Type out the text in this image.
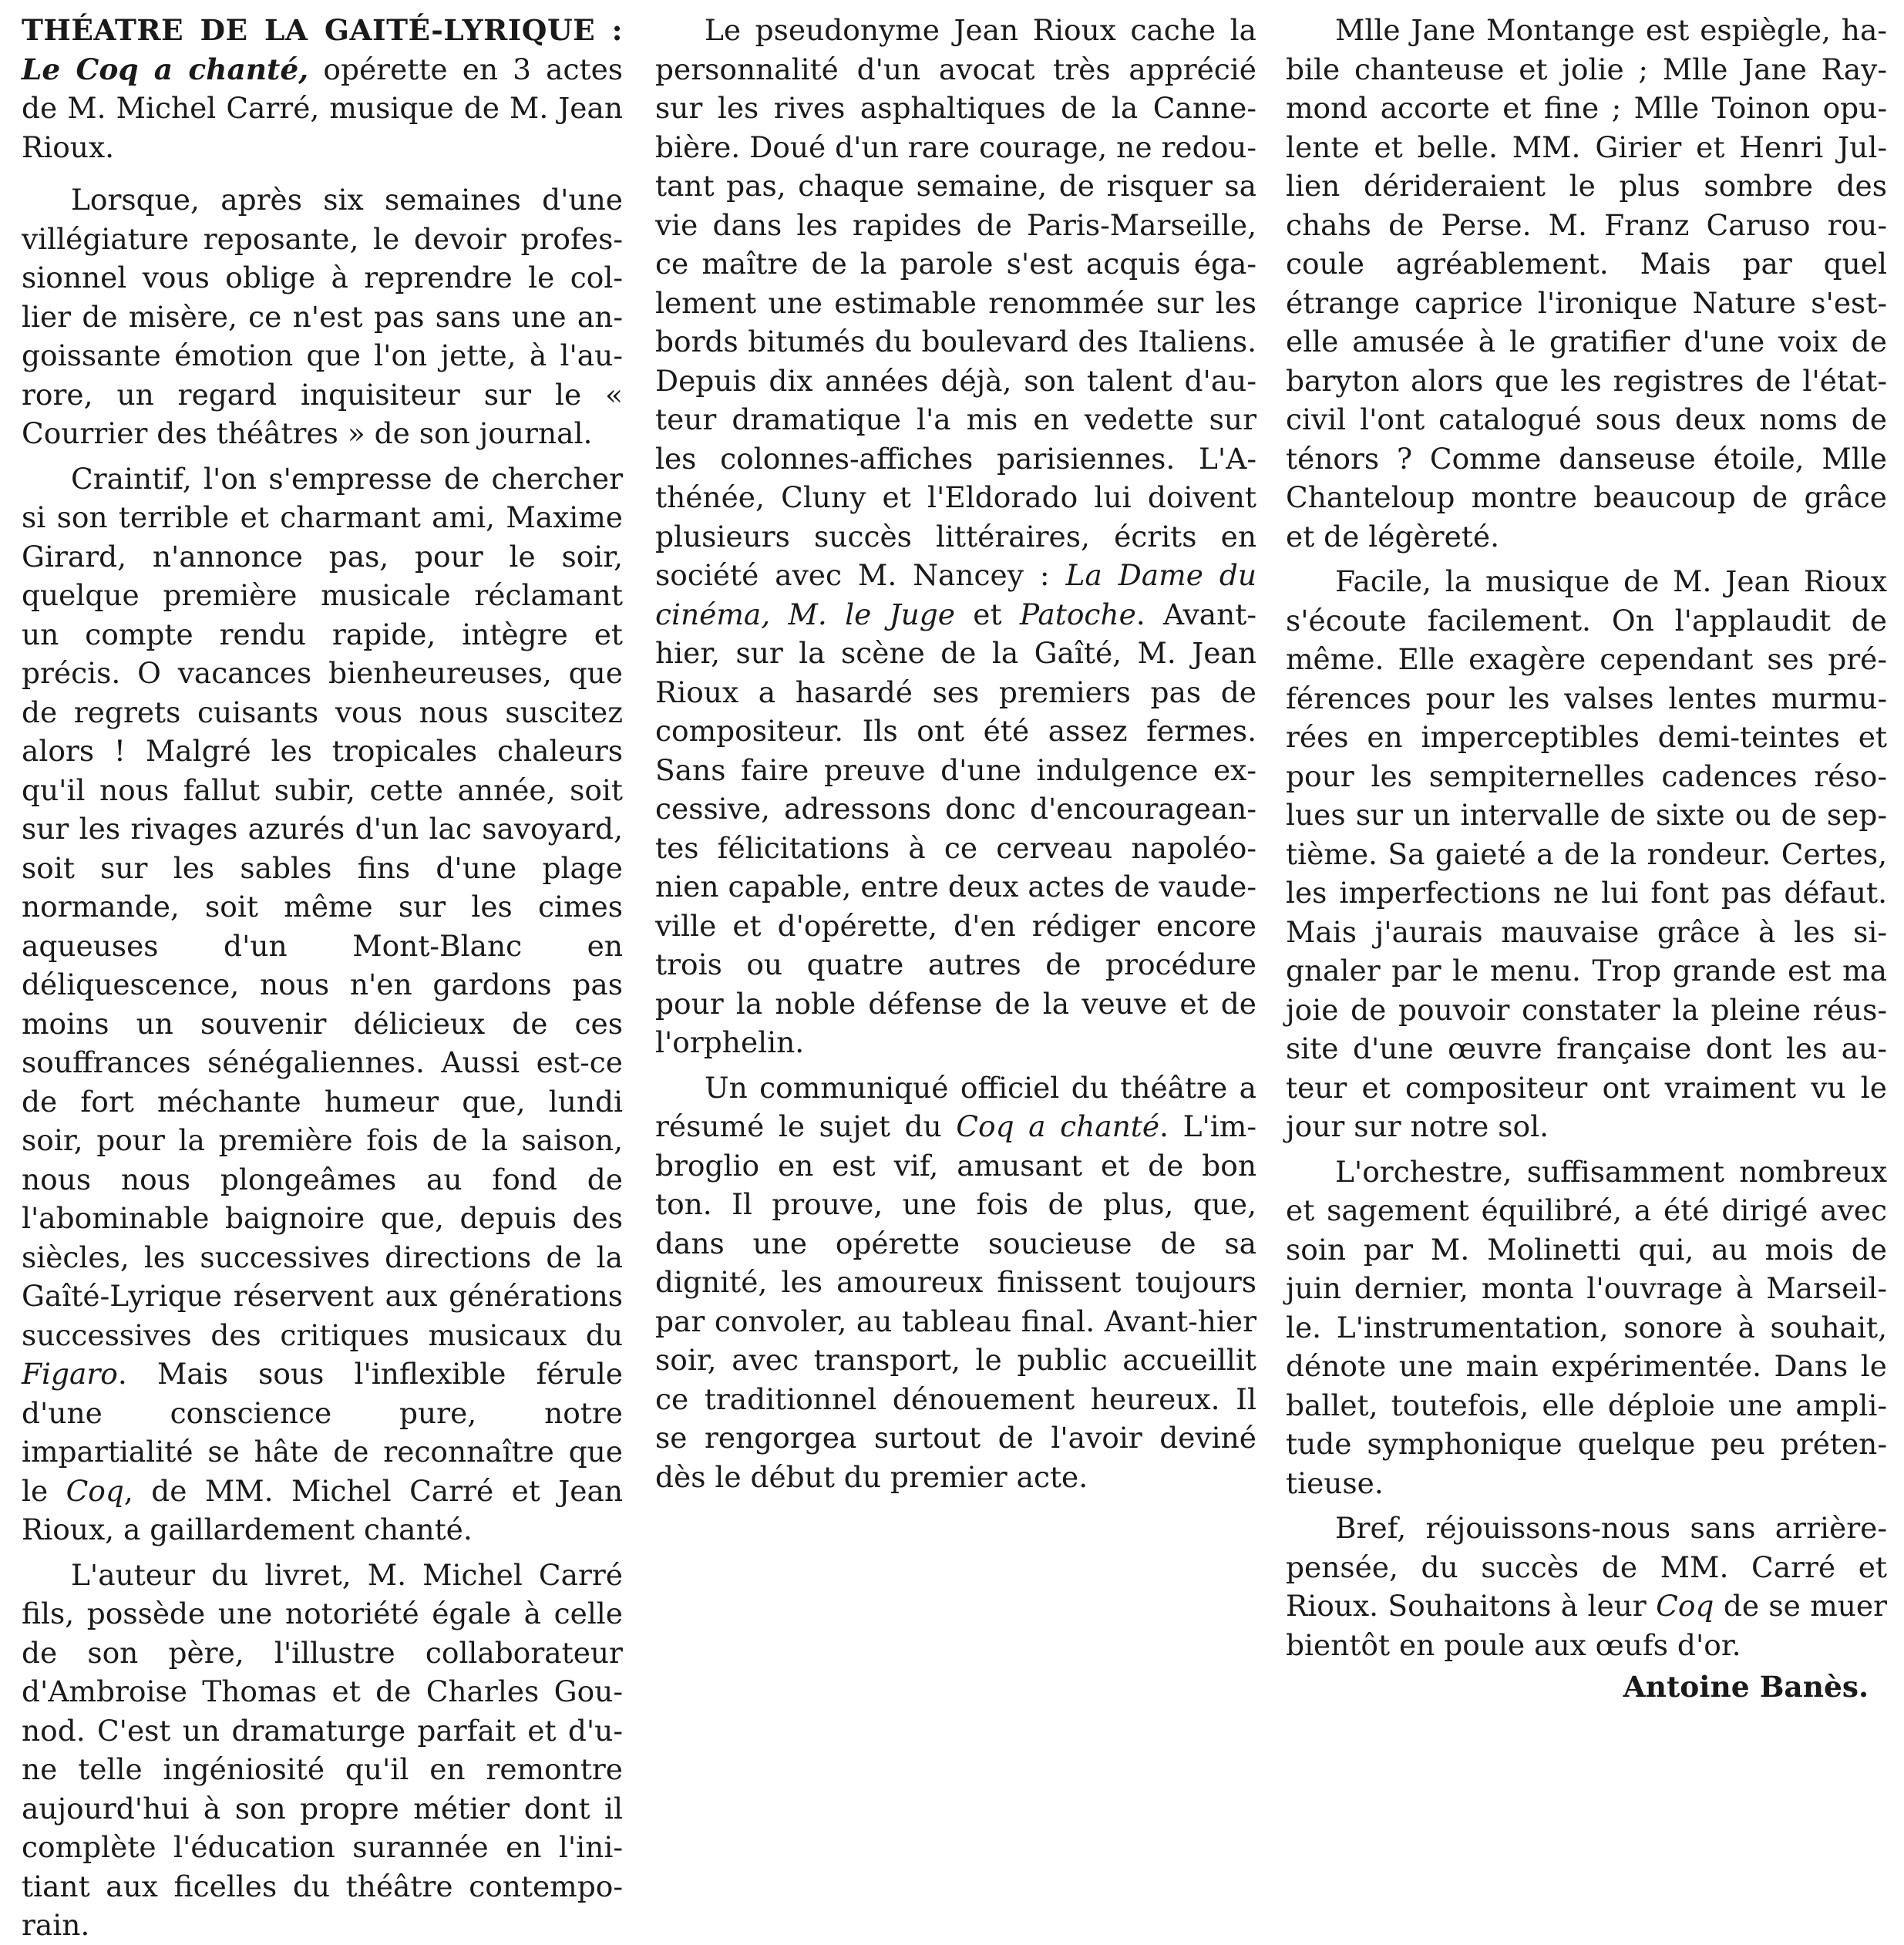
THÉATRE DE LA GAITÉ-LYRIQUE : Le Coq a chanté, opérette en 3 actes de M. Michel Carré, musique de M. Jean Rioux.

Lorsque, après six semaines d'une villégiature reposante, le devoir professionnel vous oblige à reprendre le collier de misère, ce n'est pas sans une angoissante émotion que l'on jette, à l'aurore, un regard inquisiteur sur le « Courrier des théâtres » de son journal.

Craintif, l'on s'empresse de chercher si son terrible et charmant ami, Maxime Girard, n'annonce pas, pour le soir, quelque première musicale réclamant un compte rendu rapide, intègre et précis. O vacances bienheureuses, que de regrets cuisants vous nous suscitez alors ! Malgré les tropicales chaleurs qu'il nous fallut subir, cette année, soit sur les rivages azurés d'un lac savoyard, soit sur les sables fins d'une plage normande, soit même sur les cimes aqueuses d'un Mont-Blanc en déliquescence, nous n'en gardons pas moins un souvenir délicieux de ces souffrances sénégaliennes. Aussi est-ce de fort méchante humeur que, lundi soir, pour la première fois de la saison, nous nous plongeâmes au fond de l'abominable baignoire que, depuis des siècles, les successives directions de la Gaîté-Lyrique réservent aux générations successives des critiques musicaux du Figaro. Mais sous l'inflexible férule d'une conscience pure, notre impartialité se hâte de reconnaître que le Coq, de MM. Michel Carré et Jean Rioux, a gaillardement chanté.

L'auteur du livret, M. Michel Carré fils, possède une notoriété égale à celle de son père, l'illustre collaborateur d'Ambroise Thomas et de Charles Gounod. C'est un dramaturge parfait et d'une telle ingéniosité qu'il en remontre aujourd'hui à son propre métier dont il complète l'éducation surannée en l'initiant aux ficelles du théâtre contemporain.

Le pseudonyme Jean Rioux cache la personnalité d'un avocat très apprécié sur les rives asphaltiques de la Cannebière. Doué d'un rare courage, ne redoutant pas, chaque semaine, de risquer sa vie dans les rapides de Paris-Marseille, ce maître de la parole s'est acquis également une estimable renommée sur les bords bitumés du boulevard des Italiens. Depuis dix années déjà, son talent d'auteur dramatique l'a mis en vedette sur les colonnes-affiches parisiennes. L'Athénée, Cluny et l'Eldorado lui doivent plusieurs succès littéraires, écrits en société avec M. Nancey : La Dame du cinéma, M. le Juge et Patoche. Avant-hier, sur la scène de la Gaîté, M. Jean Rioux a hasardé ses premiers pas de compositeur. Ils ont été assez fermes. Sans faire preuve d'une indulgence excessive, adressons donc d'encourageantes félicitations à ce cerveau napoléonien capable, entre deux actes de vaudeville et d'opérette, d'en rédiger encore trois ou quatre autres de procédure pour la noble défense de la veuve et de l'orphelin.

Un communiqué officiel du théâtre a résumé le sujet du Coq a chanté. L'imbroglio en est vif, amusant et de bon ton. Il prouve, une fois de plus, que, dans une opérette soucieuse de sa dignité, les amoureux finissent toujours par convoler, au tableau final. Avant-hier soir, avec transport, le public accueillit ce traditionnel dénouement heureux. Il se rengorgea surtout de l'avoir deviné dès le début du premier acte.

Mlle Jane Montange est espiègle, habile chanteuse et jolie ; Mlle Jane Raymond accorte et fine ; Mlle Toinon opulente et belle. MM. Girier et Henri Jullien dérideraient le plus sombre des chahs de Perse. M. Franz Caruso roucoule agréablement. Mais par quel étrange caprice l'ironique Nature s'est-elle amusée à le gratifier d'une voix de baryton alors que les registres de l'état-civil l'ont catalogué sous deux noms de ténors ? Comme danseuse étoile, Mlle Chanteloup montre beaucoup de grâce et de légèreté.

Facile, la musique de M. Jean Rioux s'écoute facilement. On l'applaudit de même. Elle exagère cependant ses préférences pour les valses lentes murmurées en imperceptibles demi-teintes et pour les sempiternelles cadences résolues sur un intervalle de sixte ou de septième. Sa gaieté a de la rondeur. Certes, les imperfections ne lui font pas défaut. Mais j'aurais mauvaise grâce à les signaler par le menu. Trop grande est ma joie de pouvoir constater la pleine réussite d'une œuvre française dont les auteur et compositeur ont vraiment vu le jour sur notre sol.

L'orchestre, suffisamment nombreux et sagement équilibré, a été dirigé avec soin par M. Molinetti qui, au mois de juin dernier, monta l'ouvrage à Marseille. L'instrumentation, sonore à souhait, dénote une main expérimentée. Dans le ballet, toutefois, elle déploie une amplitude symphonique quelque peu prétentieuse.

Bref, réjouissons-nous sans arrière-pensée, du succès de MM. Carré et Rioux. Souhaitons à leur Coq de se muer bientôt en poule aux œufs d'or.

Antoine Banès.
